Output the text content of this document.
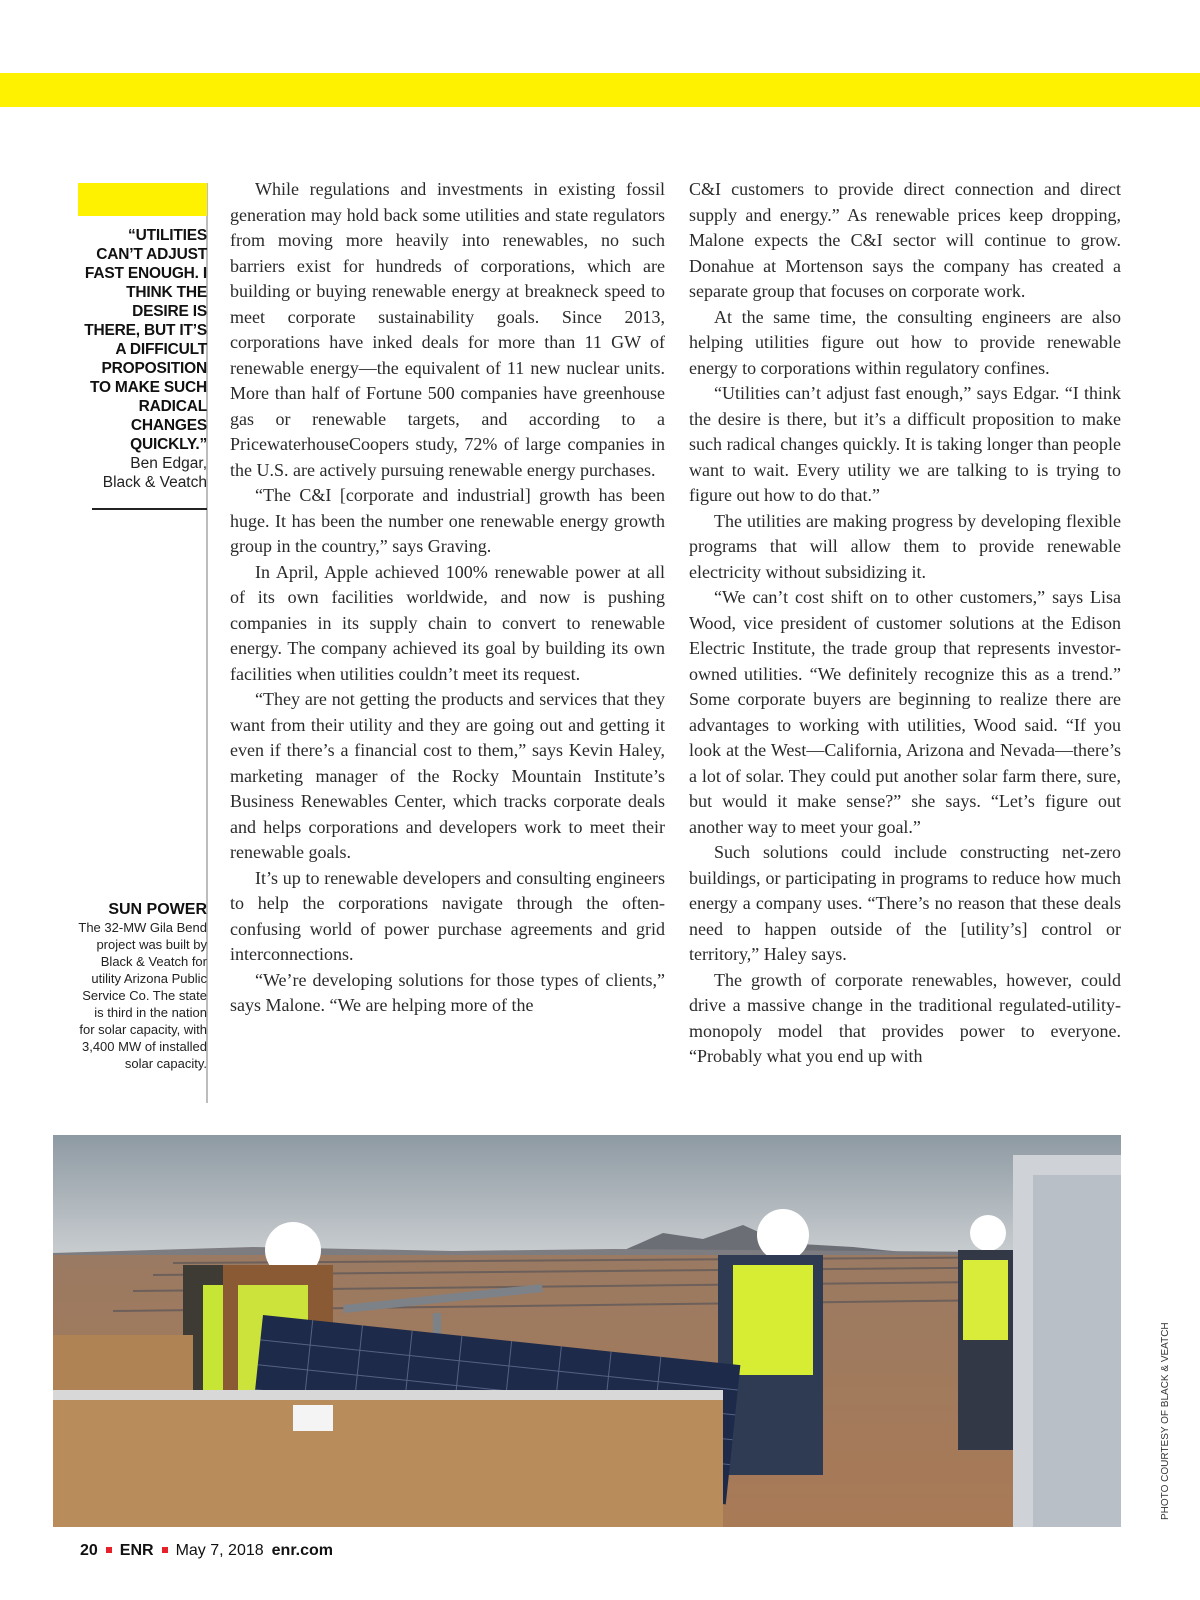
“UTILITIES CAN’T ADJUST FAST ENOUGH. I THINK THE DESIRE IS THERE, BUT IT’S A DIFFICULT PROPOSITION TO MAKE SUCH RADICAL CHANGES QUICKLY.”
Ben Edgar,
Black & Veatch
SUN POWER
The 32-MW Gila Bend project was built by Black & Veatch for utility Arizona Public Service Co. The state is third in the nation for solar capacity, with 3,400 MW of installed solar capacity.

While regulations and investments in existing fossil generation may hold back some utilities and state regulators from moving more heavily into renewables, no such barriers exist for hundreds of corporations, which are building or buying renewable energy at breakneck speed to meet corporate sustainability goals. Since 2013, corporations have inked deals for more than 11 GW of renewable energy—the equivalent of 11 new nuclear units. More than half of Fortune 500 companies have greenhouse gas or renewable targets, and according to a PricewaterhouseCoopers study, 72% of large companies in the U.S. are actively pursuing renewable energy purchases.

“The C&I [corporate and industrial] growth has been huge. It has been the number one renewable energy growth group in the country,” says Graving.

In April, Apple achieved 100% renewable power at all of its own facilities worldwide, and now is pushing companies in its supply chain to convert to renewable energy. The company achieved its goal by building its own facilities when utilities couldn’t meet its request.

“They are not getting the products and services that they want from their utility and they are going out and getting it even if there’s a financial cost to them,” says Kevin Haley, marketing manager of the Rocky Mountain Institute’s Business Renewables Center, which tracks corporate deals and helps corporations and developers work to meet their renewable goals.

It’s up to renewable developers and consulting engineers to help the corporations navigate through the often-confusing world of power purchase agreements and grid interconnections.

“We’re developing solutions for those types of clients,” says Malone. “We are helping more of the

C&I customers to provide direct connection and direct supply and energy.” As renewable prices keep dropping, Malone expects the C&I sector will continue to grow. Donahue at Mortenson says the company has created a separate group that focuses on corporate work.

At the same time, the consulting engineers are also helping utilities figure out how to provide renewable energy to corporations within regulatory confines.

“Utilities can’t adjust fast enough,” says Edgar. “I think the desire is there, but it’s a difficult proposition to make such radical changes quickly. It is taking longer than people want to wait. Every utility we are talking to is trying to figure out how to do that.”

The utilities are making progress by developing flexible programs that will allow them to provide renewable electricity without subsidizing it.

“We can’t cost shift on to other customers,” says Lisa Wood, vice president of customer solutions at the Edison Electric Institute, the trade group that represents investor-owned utilities. “We definitely recognize this as a trend.” Some corporate buyers are beginning to realize there are advantages to working with utilities, Wood said. “If you look at the West—California, Arizona and Nevada—there’s a lot of solar. They could put another solar farm there, sure, but would it make sense?” she says. “Let’s figure out another way to meet your goal.”

Such solutions could include constructing net-zero buildings, or participating in programs to reduce how much energy a company uses. “There’s no reason that these deals need to happen outside of the [utility’s] control or territory,” Haley says.

The growth of corporate renewables, however, could drive a massive change in the traditional regulated-utility-monopoly model that provides power to everyone. “Probably what you end up with

PHOTO COURTESY OF BLACK & VEATCH
20 ENR May 7, 2018 enr.com
